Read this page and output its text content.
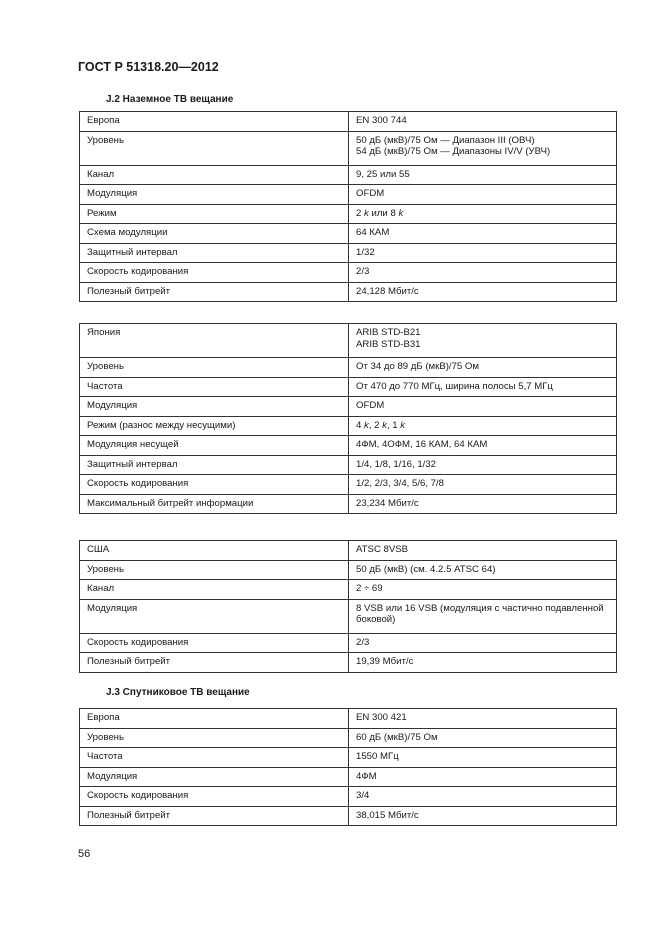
ГОСТ Р 51318.20—2012
J.2 Наземное ТВ вещание
Европа	EN 300 744
Уровень	50 дБ (мкВ)/75 Ом — Диапазон III (ОВЧ)
54 дБ (мкВ)/75 Ом — Диапазоны IV/V (УВЧ)
Канал	9, 25 или 55
Модуляция	OFDM
Режим	2 k или 8 k
Схема модуляции	64 КАМ
Защитный интервал	1/32
Скорость кодирования	2/3
Полезный битрейт	24,128 Мбит/с
Япония	ARIB STD-B21
ARIB STD-B31
Уровень	От 34 до 89 дБ (мкВ)/75 Ом
Частота	От 470 до 770 МГц, ширина полосы 5,7 МГц
Модуляция	OFDM
Режим (разнос между несущими)	4 k, 2 k, 1 k
Модуляция несущей	4ФМ, 4ОФМ, 16 КАМ, 64 КАМ
Защитный интервал	1/4, 1/8, 1/16, 1/32
Скорость кодирования	1/2, 2/3, 3/4, 5/6, 7/8
Максимальный битрейт информации	23,234 Мбит/с
США	ATSC 8VSB
Уровень	50 дБ (мкВ) (см. 4.2.5 ATSC 64)
Канал	2 ÷ 69
Модуляция	8 VSB или 16 VSB (модуляция с частично подавленной боковой)
Скорость кодирования	2/3
Полезный битрейт	19,39 Мбит/с
J.3 Спутниковое ТВ вещание
Европа	EN 300 421
Уровень	60 дБ (мкВ)/75 Ом
Частота	1550 МГц
Модуляция	4ФМ
Скорость кодирования	3/4
Полезный битрейт	38,015 Мбит/с
56
